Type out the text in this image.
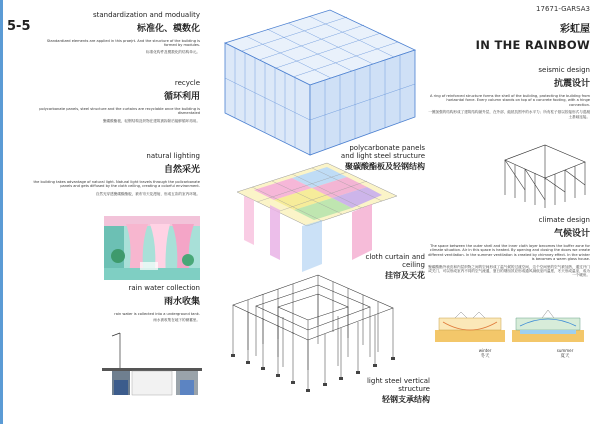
5-5
17671-GARSA3
彩虹屋
IN THE RAINBOW
standardization and moduality
标准化、模数化
Standardized elements are applied in this proejrt. And the structure of the building is formed by modules.
标准化构件及模数化的结构单元。
recycle
循环利用
polycarbonate panels, steel structure and the curtains are recyclable once the building is dismentaled
聚碳酸酯板，轻钢结构及织物在建筑被拆除后能够循环再用。
natural lighting
自然采光
the building takes advantage of natural light. Natural light travels through the policarbonate panels and gets diffused by the cloth ceiling, creating a colorful environment.
自然光穿透聚碳酸酯板，被布帘天花漫射，形成五彩的室内环境。
rain water collection
雨水收集
rain water is collected into a underground tank.
雨水被收集在地下的储蓄里。
polycarbonate panels and light steel structure
聚碳酸酯板及轻钢结构
cloth curtain and ceiling
挂帘及天花
light steel vertical structure
轻钢支承结构
seismic design
抗震设计
A ring of reinforced structure forms the shell of the building, protecting the building from horizontal force. Every column stands on top of a concrete footing, with a hinge connection.
一圈加强的结构形成了建筑结构最外层，在外部，能抵抗围中的水平力；所有柱子基以铰接形式与混凝土基础连接。
climate design
气候设计
The space between the outer shell and the inner cloth layer becomes the buffer zone for climate situation. Air in this space is heated. By opening and closing the doors we create different ventilation. In the summer ventilation is created by chimney effect. In the winter is becomes a warm glass house.
聚碳酸酯外表皮和内层织物之间的空间形成了温气候的过渡空间，这个空间里的空气被加热，通过开门或关门，可以形成室内不同的空气流通，夏日的烟囱效应形成通风减低室内温度，冬天形成温室，成为一个暖房。
winter
冬天
summer
夏天
